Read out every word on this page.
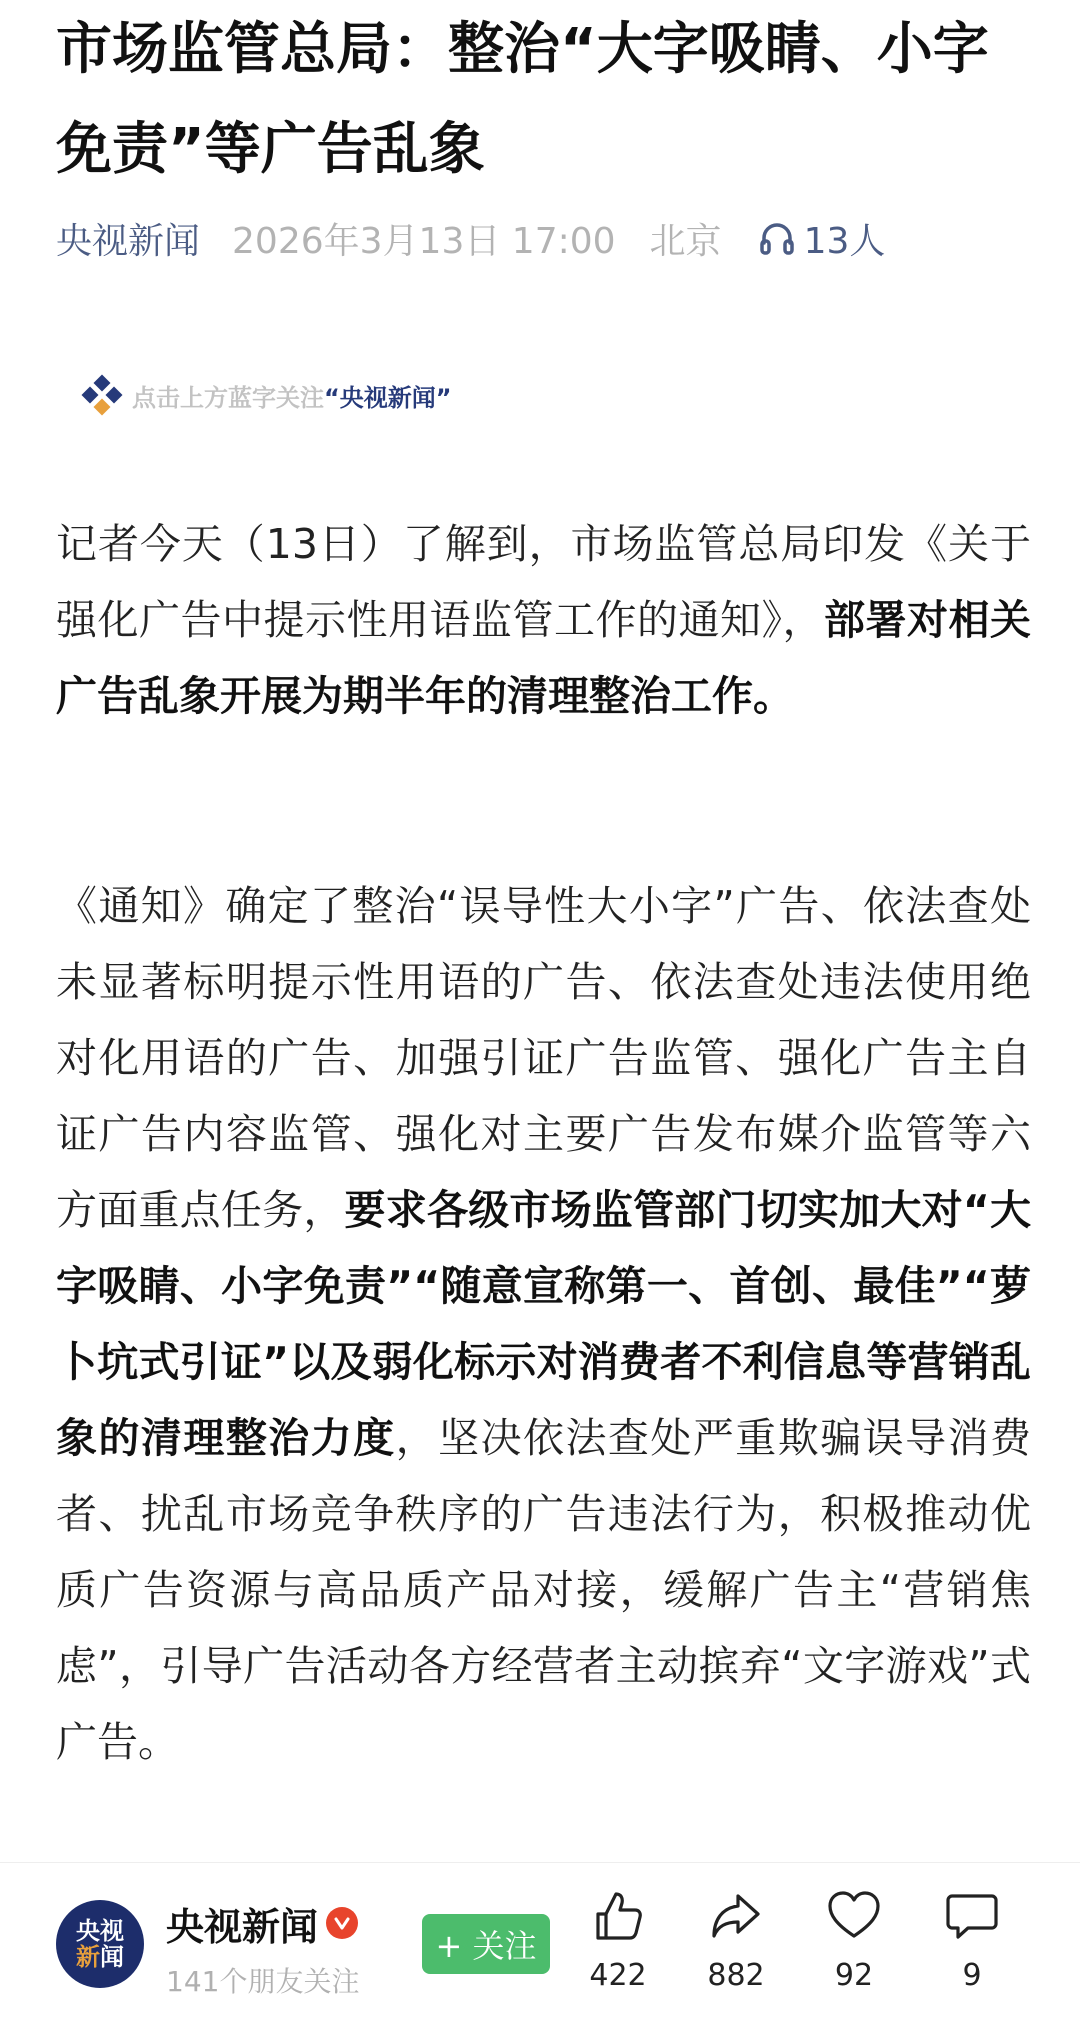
市场监管总局：整治“大字吸睛、小字免责”等广告乱象
央视新闻 2026年3月13日 17:00 北京 13人
点击上方蓝字关注 “央视新闻”

记者今天（13日）了解到，市场监管总局印发《关于强化广告中提示性用语监管工作的通知》，部署对相关广告乱象开展为期半年的清理整治工作。

《通知》确定了整治“误导性大小字”广告、依法查处未显著标明提示性用语的广告、依法查处违法使用绝对化用语的广告、加强引证广告监管、强化广告主自证广告内容监管、强化对主要广告发布媒介监管等六方面重点任务，要求各级市场监管部门切实加大对“大字吸睛、小字免责”“随意宣称第一、首创、最佳”“萝卜坑式引证”以及弱化标示对消费者不利信息等营销乱象的清理整治力度，坚决依法查处严重欺骗误导消费者、扰乱市场竞争秩序的广告违法行为，积极推动优质广告资源与高品质产品对接，缓解广告主“营销焦虑”，引导广告活动各方经营者主动摈弃“文字游戏”式广告。

央视
新闻
央视新闻
141个朋友关注
+ 关注
422 882 92	9
